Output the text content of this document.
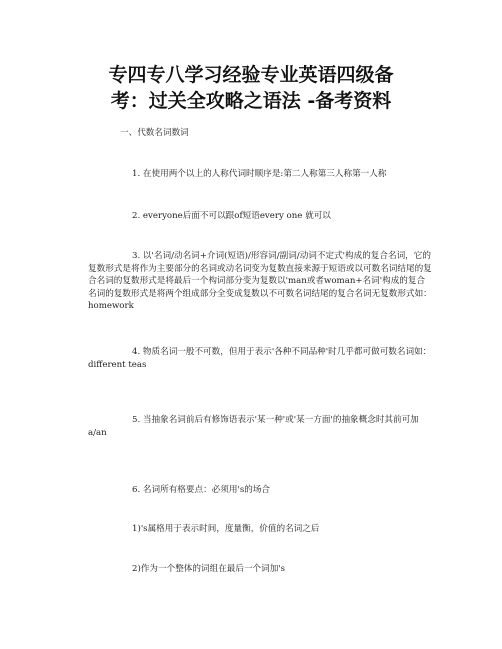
专四专八学习经验专业英语四级备
考：过关全攻略之语法 -备考资料

一、代数名词数词

1. 在使用两个以上的人称代词时顺序是:第二人称第三人称第一人称

2. everyone后面不可以跟of短语every one 就可以

3. 以'名词/动名词+介词(短语)/形容词/副词/动词不定式'构成的复合名词，它的复数形式是将作为主要部分的名词或动名词变为复数直接来源于短语或以可数名词结尾的复合名词的复数形式是将最后一个构词部分变为复数以'man或者woman+名词'构成的复合名词的复数形式是将两个组成部分全变成复数以不可数名词结尾的复合名词无复数形式如：homework

4. 物质名词一般不可数，但用于表示'各种不同品种'时几乎都可做可数名词如：different teas

5. 当抽象名词前后有修饰语表示'某一种'或'某一方面'的抽象概念时其前可加a/an

6. 名词所有格要点：必须用's的场合

1)'s属格用于表示时间，度量衡，价值的名词之后

2)作为一个整体的词组在最后一个词加's
